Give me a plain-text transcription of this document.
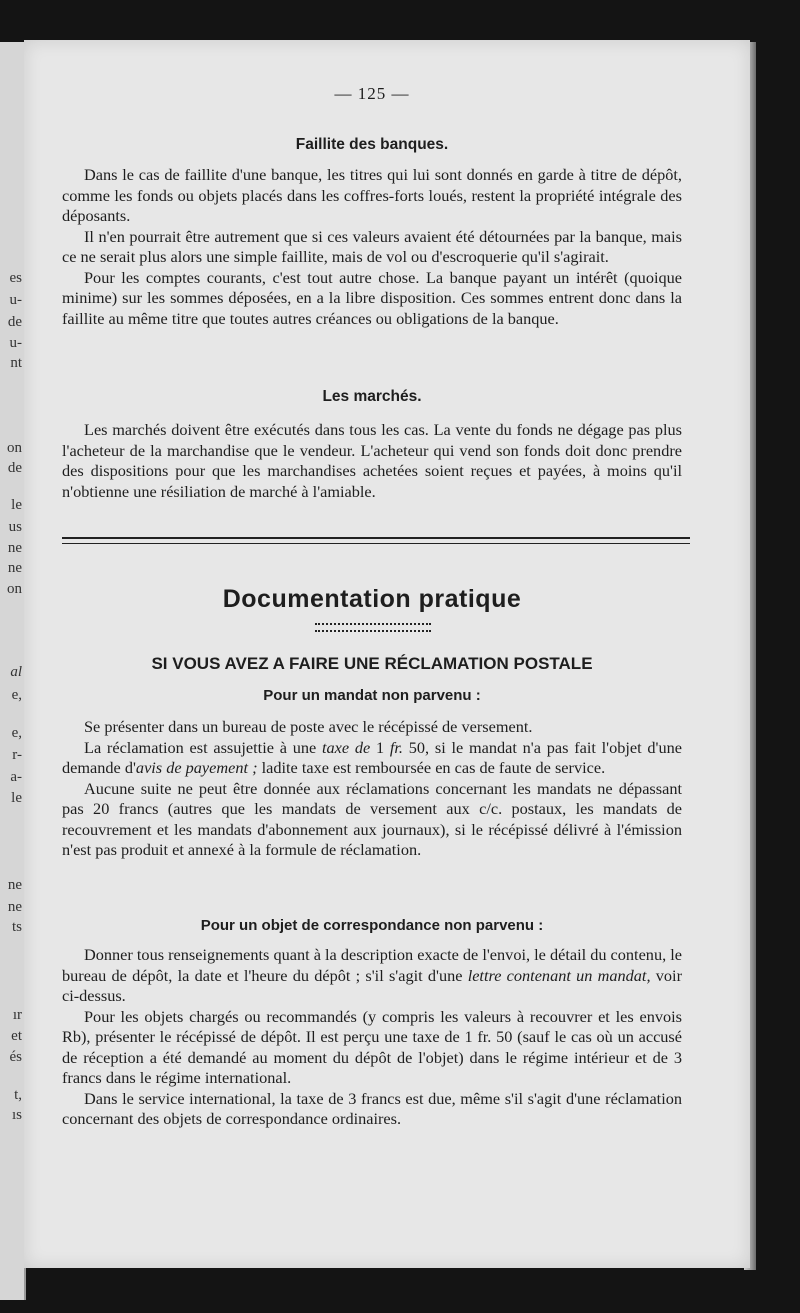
es
u-
de
u-
nt
on
de
le
us
ne
ne
on
al
e,
e,
r-
a-
le
ne
ne
ts
ır
et
és
t,
ıs
— 125 —
Faillite des banques.

Dans le cas de faillite d'une banque, les titres qui lui sont donnés en garde à titre de dépôt, comme les fonds ou objets placés dans les coffres-forts loués, restent la propriété intégrale des déposants.

Il n'en pourrait être autrement que si ces valeurs avaient été détournées par la banque, mais ce ne serait plus alors une simple faillite, mais de vol ou d'escroquerie qu'il s'agirait.

Pour les comptes courants, c'est tout autre chose. La banque payant un intérêt (quoique minime) sur les sommes déposées, en a la libre disposition. Ces sommes entrent donc dans la faillite au même titre que toutes autres créances ou obligations de la banque.

Les marchés.

Les marchés doivent être exécutés dans tous les cas. La vente du fonds ne dégage pas plus l'acheteur de la marchandise que le vendeur. L'acheteur qui vend son fonds doit donc prendre des dispositions pour que les marchandises achetées soient reçues et payées, à moins qu'il n'obtienne une résiliation de marché à l'amiable.

Documentation pratique
SI VOUS AVEZ A FAIRE UNE RÉCLAMATION POSTALE
Pour un mandat non parvenu :

Se présenter dans un bureau de poste avec le récépissé de versement.

La réclamation est assujettie à une taxe de 1 fr. 50, si le mandat n'a pas fait l'objet d'une demande d'avis de payement ; ladite taxe est remboursée en cas de faute de service.

Aucune suite ne peut être donnée aux réclamations concernant les mandats ne dépassant pas 20 francs (autres que les mandats de versement aux c/c. postaux, les mandats de recouvrement et les mandats d'abonnement aux journaux), si le récépissé délivré à l'émission n'est pas produit et annexé à la formule de réclamation.

Pour un objet de correspondance non parvenu :

Donner tous renseignements quant à la description exacte de l'envoi, le détail du contenu, le bureau de dépôt, la date et l'heure du dépôt ; s'il s'agit d'une lettre contenant un mandat, voir ci-dessus.

Pour les objets chargés ou recommandés (y compris les valeurs à recouvrer et les envois Rb), présenter le récépissé de dépôt. Il est perçu une taxe de 1 fr. 50 (sauf le cas où un accusé de réception a été demandé au moment du dépôt de l'objet) dans le régime intérieur et de 3 francs dans le régime international.

Dans le service international, la taxe de 3 francs est due, même s'il s'agit d'une réclamation concernant des objets de correspondance ordinaires.
